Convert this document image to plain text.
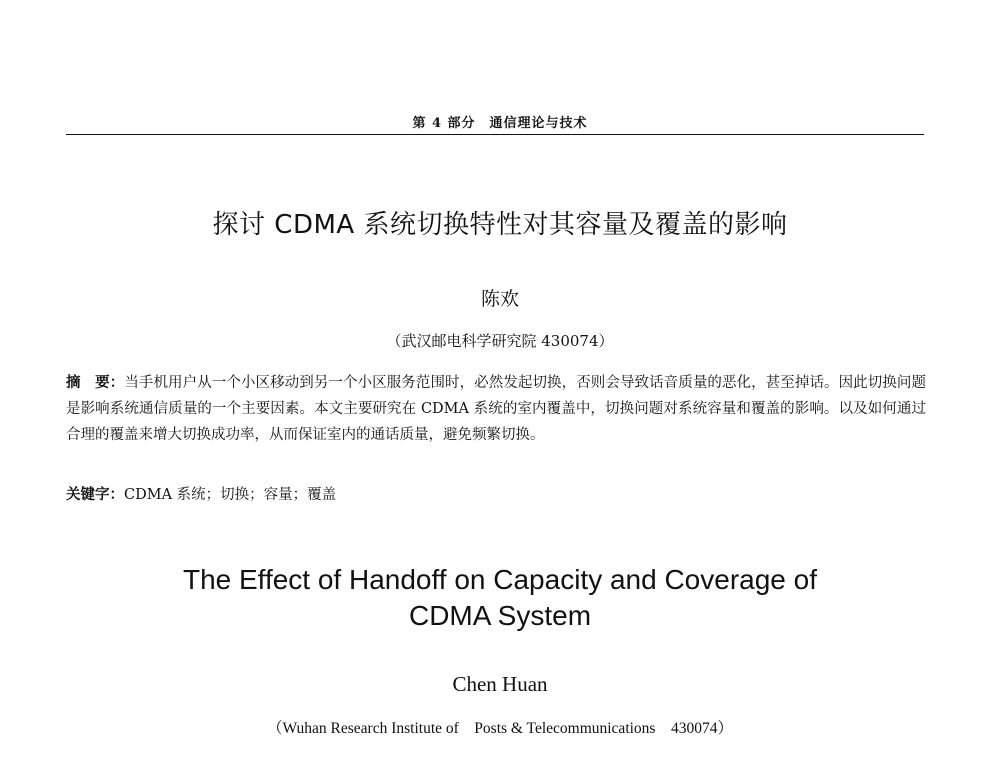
第 4 部分　通信理论与技术
探讨 CDMA 系统切换特性对其容量及覆盖的影响
陈欢
（武汉邮电科学研究院 430074）
摘　要：当手机用户从一个小区移动到另一个小区服务范围时，必然发起切换，否则会导致话音质量的恶化，甚至掉话。因此切换问题是影响系统通信质量的一个主要因素。本文主要研究在 CDMA 系统的室内覆盖中，切换问题对系统容量和覆盖的影响。以及如何通过合理的覆盖来增大切换成功率，从而保证室内的通话质量，避免频繁切换。
关键字：CDMA 系统；切换；容量；覆盖
The Effect of Handoff on Capacity and Coverage of
CDMA System
Chen Huan
（Wuhan Research Institute of　Posts & Telecommunications　430074）
